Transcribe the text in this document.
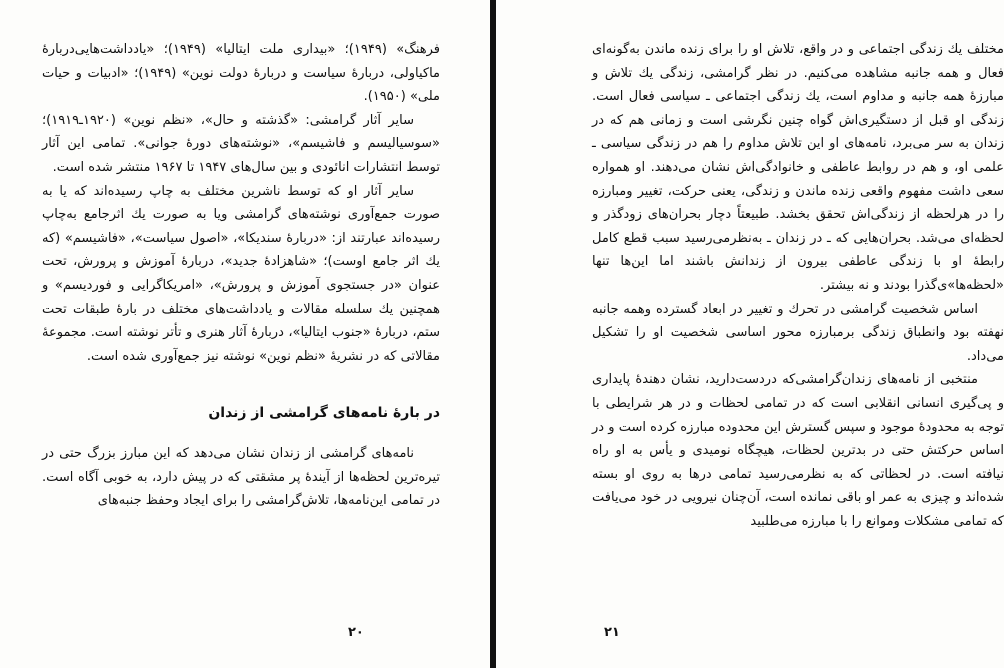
فرهنگ» (۱۹۴۹)؛ «بیداری ملت ایتالیا» (۱۹۴۹)؛ «یادداشت‌هایی‌دربارهٔ ماکیاولی، دربارهٔ سیاست و دربارهٔ دولت نوین» (۱۹۴۹)؛ «ادبیات و حیات ملی» (۱۹۵۰).

سایر آثار گرامشی: «گذشته و حال»، «نظم نوین» (۱۹۲۰ـ۱۹۱۹)؛ «سوسیالیسم و فاشیسم»، «نوشته‌های دورهٔ جوانی». تمامی این آثار توسط انتشارات انائودی و بین سال‌های ۱۹۴۷ تا ۱۹۶۷ منتشر شده است.

سایر آثار او که توسط ناشرین مختلف به چاپ رسیده‌اند که یا به صورت جمع‌آوری نوشته‌های گرامشی ویا به صورت یك اثرجامع به‌چاپ رسیده‌اند عبارتند از: «دربارهٔ سندیکا»، «اصول سیاست»، «فاشیسم» (که یك اثر جامع اوست)؛ «شاهزادهٔ جدید»، دربارهٔ آموزش و پرورش، تحت عنوان «در جستجوی آموزش و پرورش»، «امریکاگرایی و فوردیسم» و همچنین یك سلسله مقالات و یادداشت‌های مختلف در بارهٔ طبقات تحت ستم، دربارهٔ «جنوب ایتالیا»، دربارهٔ آثار هنری و تأتر نوشته است. مجموعهٔ مقالاتی که در نشریهٔ «نظم نوین» نوشته نیز جمع‌آوری شده است.

در بارهٔ نامه‌های گرامشی از زندان

نامه‌های گرامشی از زندان نشان می‌دهد که این مبارز بزرگ حتی در تیره‌ترین لحظه‌ها از آیندهٔ پر مشقتی که در پیش دارد، به خوبی آگاه است. در تمامی این‌نامه‌ها، تلاش‌گرامشی را برای ایجاد وحفظ جنبه‌های

۲۰

مختلف یك زندگی اجتماعی و در واقع، تلاش او را برای زنده ماندن به‌گونه‌ای فعال و همه جانبه مشاهده می‌کنیم. در نظر گرامشی، زندگی یك تلاش و مبارزهٔ همه جانبه و مداوم است، یك زندگی اجتماعی ـ سیاسی فعال است. زندگی او قبل از دستگیری‌اش گواه چنین نگرشی است و زمانی هم که در زندان به سر می‌برد، نامه‌های او این تلاش مداوم را هم در زندگی سیاسی ـ علمی او، و هم در روابط عاطفی و خانوادگی‌اش نشان می‌دهند. او همواره سعی داشت مفهوم واقعی زنده ماندن و زندگی، یعنی حرکت، تغییر ومبارزه را در هرلحظه از زندگی‌اش تحقق بخشد. طبیعتاً دچار بحران‌های زودگذر و لحظه‌ای می‌شد. بحران‌هایی که ـ در زندان ـ به‌نظرمی‌رسید سبب قطع کامل رابطهٔ او با زندگی عاطفی بیرون از زندانش باشند اما این‌ها تنها «لحظه‌ها»ی‌گذرا بودند و نه بیشتر.

اساس شخصیت گرامشی در تحرك و تغییر در ابعاد گسترده وهمه جانبه نهفته بود وانطباق زندگی برمبارزه محور اساسی شخصیت او را تشکیل می‌داد.

منتخبی از نامه‌های زندان‌گرامشی‌که دردست‌دارید، نشان دهندهٔ پایداری و پی‌گیری انسانی انقلابی است که در تمامی لحظات و در هر شرایطی با توجه به محدودهٔ موجود و سپس گسترش این محدوده مبارزه کرده است و در اساس حرکتش حتی در بدترین لحظات، هیچگاه نومیدی و یأس به او راه نیافته است. در لحظاتی که به نظرمی‌رسید تمامی درها به روی او بسته شده‌اند و چیزی به عمر او باقی نمانده است، آن‌چنان نیرویی در خود می‌یافت که تمامی مشکلات وموانع را با مبارزه می‌طلبید

۲۱
